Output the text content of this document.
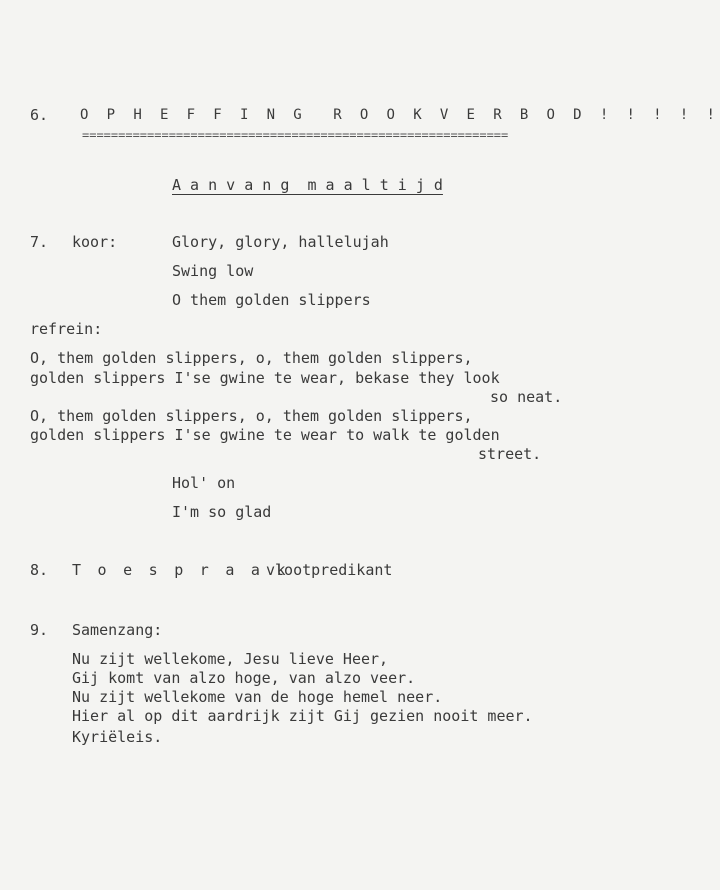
6. O P H E F F I N G  R O O K V E R B O D ! ! ! ! !
===========================================================
A a n v a n g  m a a l t i j d
7. koor:	Glory, glory, hallelujah
Swing low
O them golden slippers
refrein:
O, them golden slippers, o, them golden slippers,
golden slippers I'se gwine te wear, bekase they look
so neat.
O, them golden slippers, o, them golden slippers,
golden slippers I'se gwine te wear to walk te golden
street.
Hol' on
I'm so glad
8. T o e s p r a a k
vlootpredikant
9. Samenzang:
Nu zijt wellekome, Jesu lieve Heer,
Gij komt van alzo hoge, van alzo veer.
Nu zijt wellekome van de hoge hemel neer.
Hier al op dit aardrijk zijt Gij gezien nooit meer.
Kyriëleis.
